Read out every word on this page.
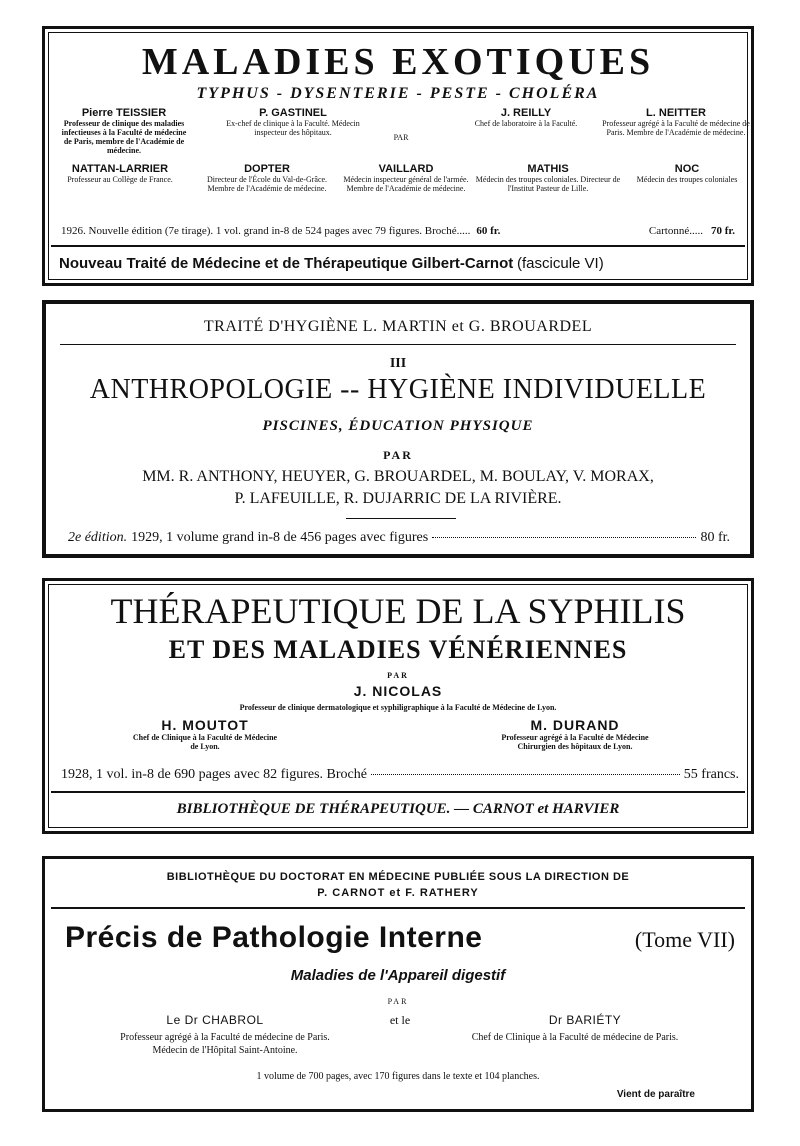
MALADIES EXOTIQUES
TYPHUS - DYSENTERIE - PESTE - CHOLÉRA
Pierre TEISSIER
Professeur de clinique des maladies infectieuses à la Faculté de médecine de Paris, membre de l'Académie de médecine.
P. GASTINEL
Ex-chef de clinique à la Faculté. Médecin inspecteur des hôpitaux.
PAR
J. REILLY
Chef de laboratoire à la Faculté.
L. NEITTER
Professeur agrégé à la Faculté de médecine de Paris. Membre de l'Académie de médecine.
NATTAN-LARRIER
Professeur au Collège de France.
DOPTER
Directeur de l'École du Val-de-Grâce. Membre de l'Académie de médecine.
VAILLARD
Médecin inspecteur général de l'armée. Membre de l'Académie de médecine.
MATHIS
Médecin des troupes coloniales. Directeur de l'Institut Pasteur de Lille.
NOC
Médecin des troupes coloniales
1926. Nouvelle édition (7e tirage). 1 vol. grand in-8 de 524 pages avec 79 figures. Broché..... 60 fr.	Cartonné..... 70 fr.
Nouveau Traité de Médecine et de Thérapeutique Gilbert-Carnot (fascicule VI)
TRAITÉ D'HYGIÈNE L. MARTIN et G. BROUARDEL
III
ANTHROPOLOGIE -- HYGIÈNE INDIVIDUELLE
PISCINES, ÉDUCATION PHYSIQUE
PAR
MM. R. ANTHONY, HEUYER, G. BROUARDEL, M. BOULAY, V. MORAX,
P. LAFEUILLE, R. DUJARRIC DE LA RIVIÈRE.
2e édition. 1929, 1 volume grand in-8 de 456 pages avec figures	80 fr.
THÉRAPEUTIQUE DE LA SYPHILIS
ET DES MALADIES VÉNÉRIENNES
PAR
J. NICOLAS
Professeur de clinique dermatologique et syphiligraphique à la Faculté de Médecine de Lyon.
H. MOUTOT
Chef de Clinique à la Faculté de Médecine
de Lyon.
M. DURAND
Professeur agrégé à la Faculté de Médecine
Chirurgien des hôpitaux de Lyon.
1928, 1 vol. in-8 de 690 pages avec 82 figures. Broché	55 francs.
BIBLIOTHÈQUE DE THÉRAPEUTIQUE. — CARNOT et HARVIER
BIBLIOTHÈQUE DU DOCTORAT EN MÉDECINE PUBLIÉE SOUS LA DIRECTION DE
P. CARNOT et F. RATHERY
Précis de Pathologie Interne	(Tome VII)
Maladies de l'Appareil digestif
PAR
Le Dr CHABROL	et le	Dr BARIÉTY
Professeur agrégé à la Faculté de médecine de Paris.
Médecin de l'Hôpital Saint-Antoine.
Chef de Clinique à la Faculté de médecine de Paris.
1 volume de 700 pages, avec 170 figures dans le texte et 104 planches.
Vient de paraître
